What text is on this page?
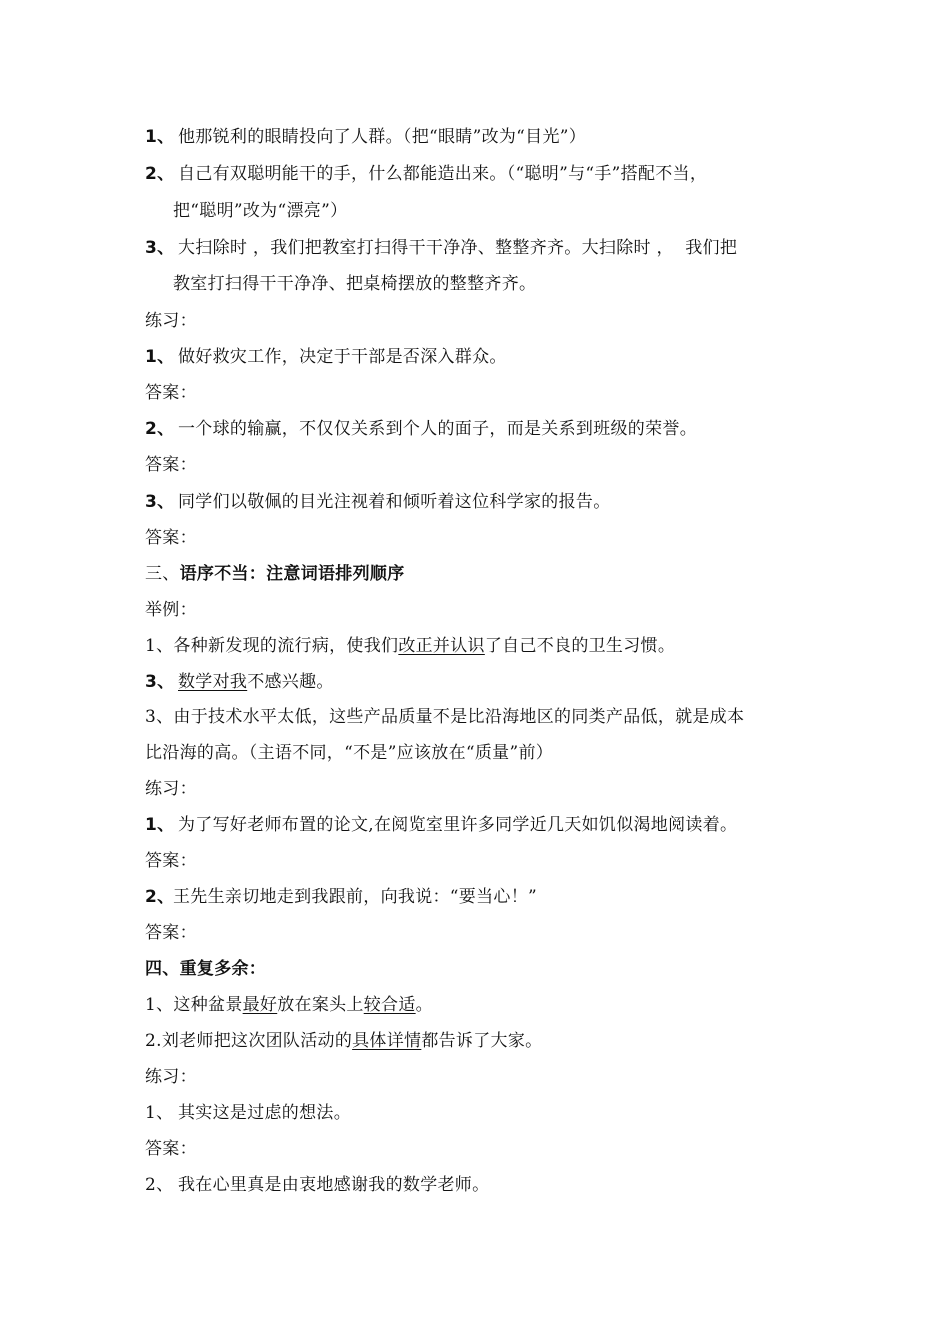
1、 他那锐利的眼睛投向了人群。（把“眼睛”改为“目光”）
2、 自己有双聪明能干的手，什么都能造出来。（“聪明”与“手”搭配不当，
把“聪明”改为“漂亮”）
3、 大扫除时 ，我们把教室打扫得干干净净、整整齐齐。大扫除时 ，  我们把
教室打扫得干干净净、把桌椅摆放的整整齐齐。
练习：
1、 做好救灾工作，决定于干部是否深入群众。
答案：
2、 一个球的输赢，不仅仅关系到个人的面子，而是关系到班级的荣誉。
答案：
3、 同学们以敬佩的目光注视着和倾听着这位科学家的报告。
答案：
三、语序不当：注意词语排列顺序
举例：
1、各种新发现的流行病，使我们改正并认识了自己不良的卫生习惯。
3、 数学对我不感兴趣。
3、由于技术水平太低，这些产品质量不是比沿海地区的同类产品低，就是成本
比沿海的高。（主语不同，“不是”应该放在“质量”前）
练习：
1、 为了写好老师布置的论文,在阅览室里许多同学近几天如饥似渴地阅读着。
答案：
2、王先生亲切地走到我跟前，向我说：“要当心！”
答案：
四、重复多余：
1、这种盆景最好放在案头上较合适。
2.刘老师把这次团队活动的具体详情都告诉了大家。
练习：
1、 其实这是过虑的想法。
答案：
2、 我在心里真是由衷地感谢我的数学老师。
